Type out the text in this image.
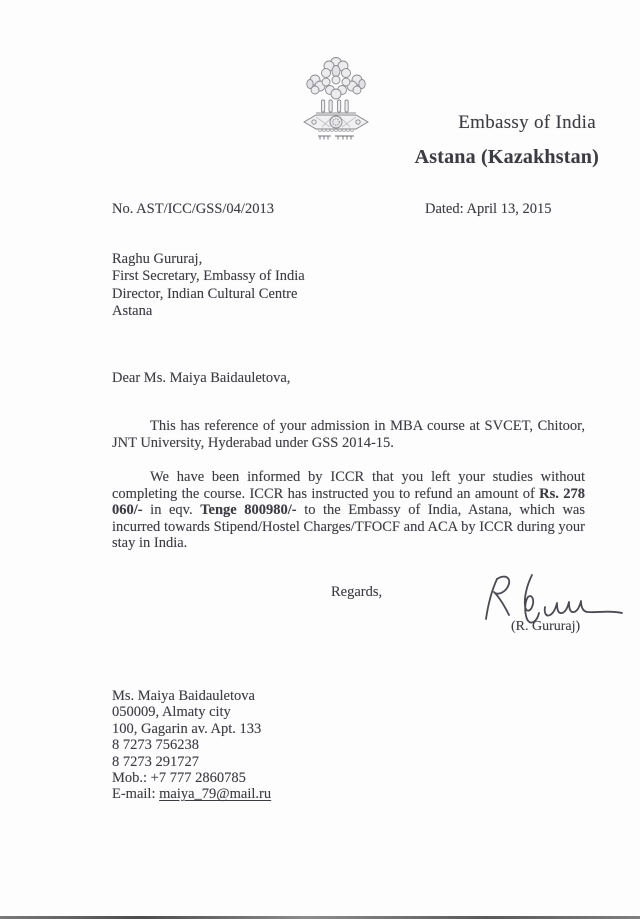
Embassy of India
Astana (Kazakhstan)
No. AST/ICC/GSS/04/2013	Dated: April 13, 2015
Raghu Gururaj,
First Secretary, Embassy of India
Director, Indian Cultural Centre
Astana
Dear Ms. Maiya Baidauletova,

This has reference of your admission in MBA course at SVCET, Chitoor, JNT University, Hyderabad under GSS 2014-15.

We have been informed by ICCR that you left your studies without completing the course. ICCR has instructed you to refund an amount of Rs. 278 060/- in eqv. Tenge 800980/- to the Embassy of India, Astana, which was incurred towards Stipend/Hostel Charges/TFOCF and ACA by ICCR during your stay in India.

Regards,
(R. Gururaj)
Ms. Maiya Baidauletova
050009, Almaty city
100, Gagarin av. Apt. 133
8 7273 756238
8 7273 291727
Mob.: +7 777 2860785
E-mail: maiya_79@mail.ru
